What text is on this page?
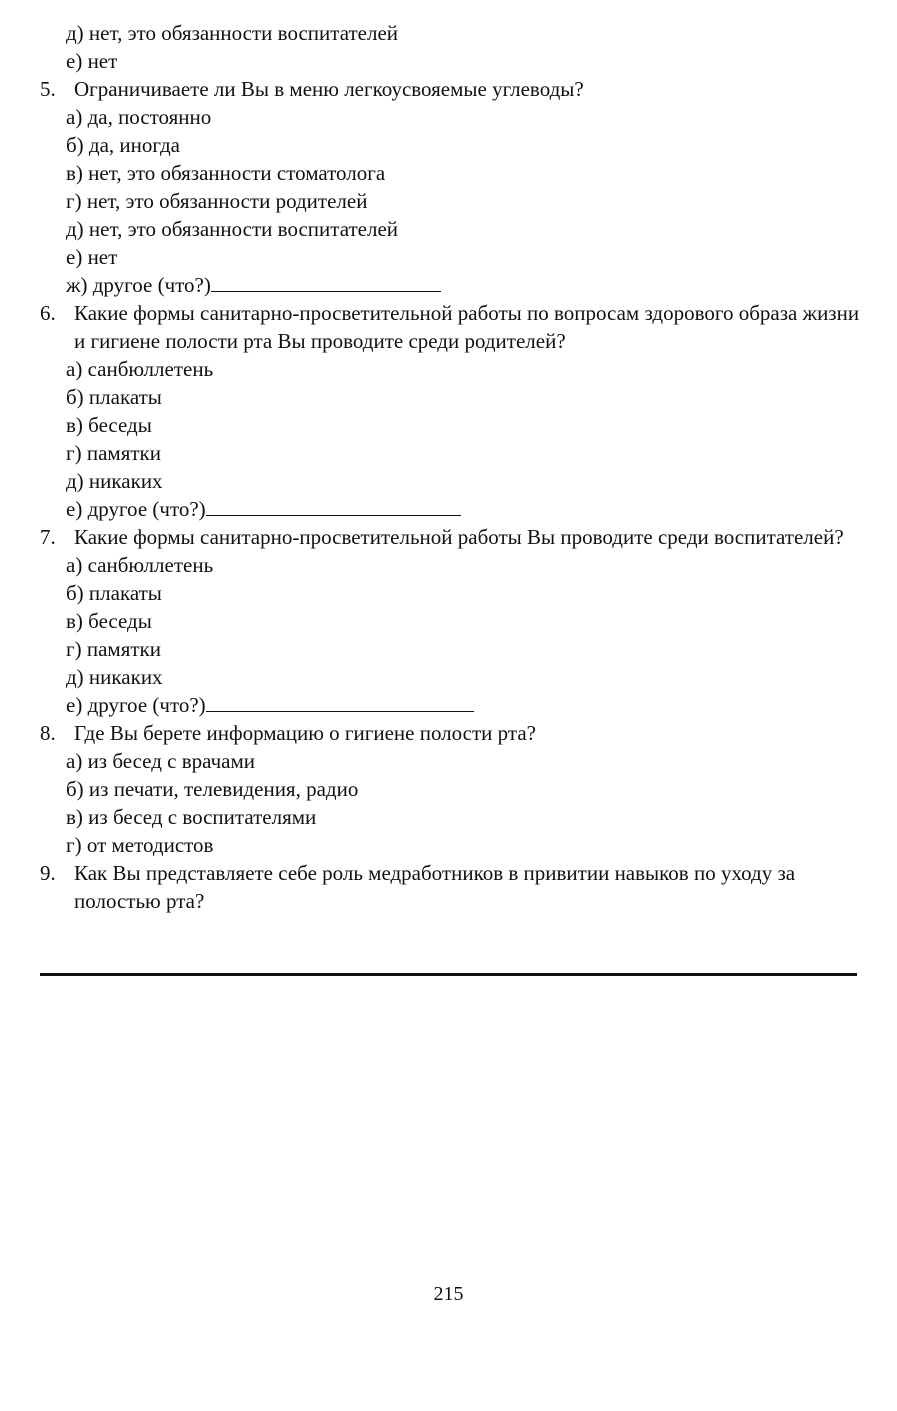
д) нет, это обязанности воспитателей
е) нет
5. Ограничиваете ли Вы в меню легкоусвояемые углеводы?
а) да, постоянно
б) да, иногда
в) нет, это обязанности стоматолога
г) нет, это обязанности родителей
д) нет, это обязанности воспитателей
е) нет
ж) другое (что?)
6. Какие формы санитарно-просветительной работы по вопросам здорового образа жизни и гигиене полости рта Вы проводите среди родителей?
а) санбюллетень
б) плакаты
в) беседы
г) памятки
д) никаких
е) другое (что?)
7. Какие формы санитарно-просветительной работы Вы проводите среди воспитателей?
а) санбюллетень
б) плакаты
в) беседы
г) памятки
д) никаких
е) другое (что?)
8. Где Вы берете информацию о гигиене полости рта?
а) из бесед с врачами
б) из печати, телевидения, радио
в) из бесед с воспитателями
г) от методистов
9. Как Вы представляете себе роль медработников в привитии навыков по уходу за полостью рта?
215
